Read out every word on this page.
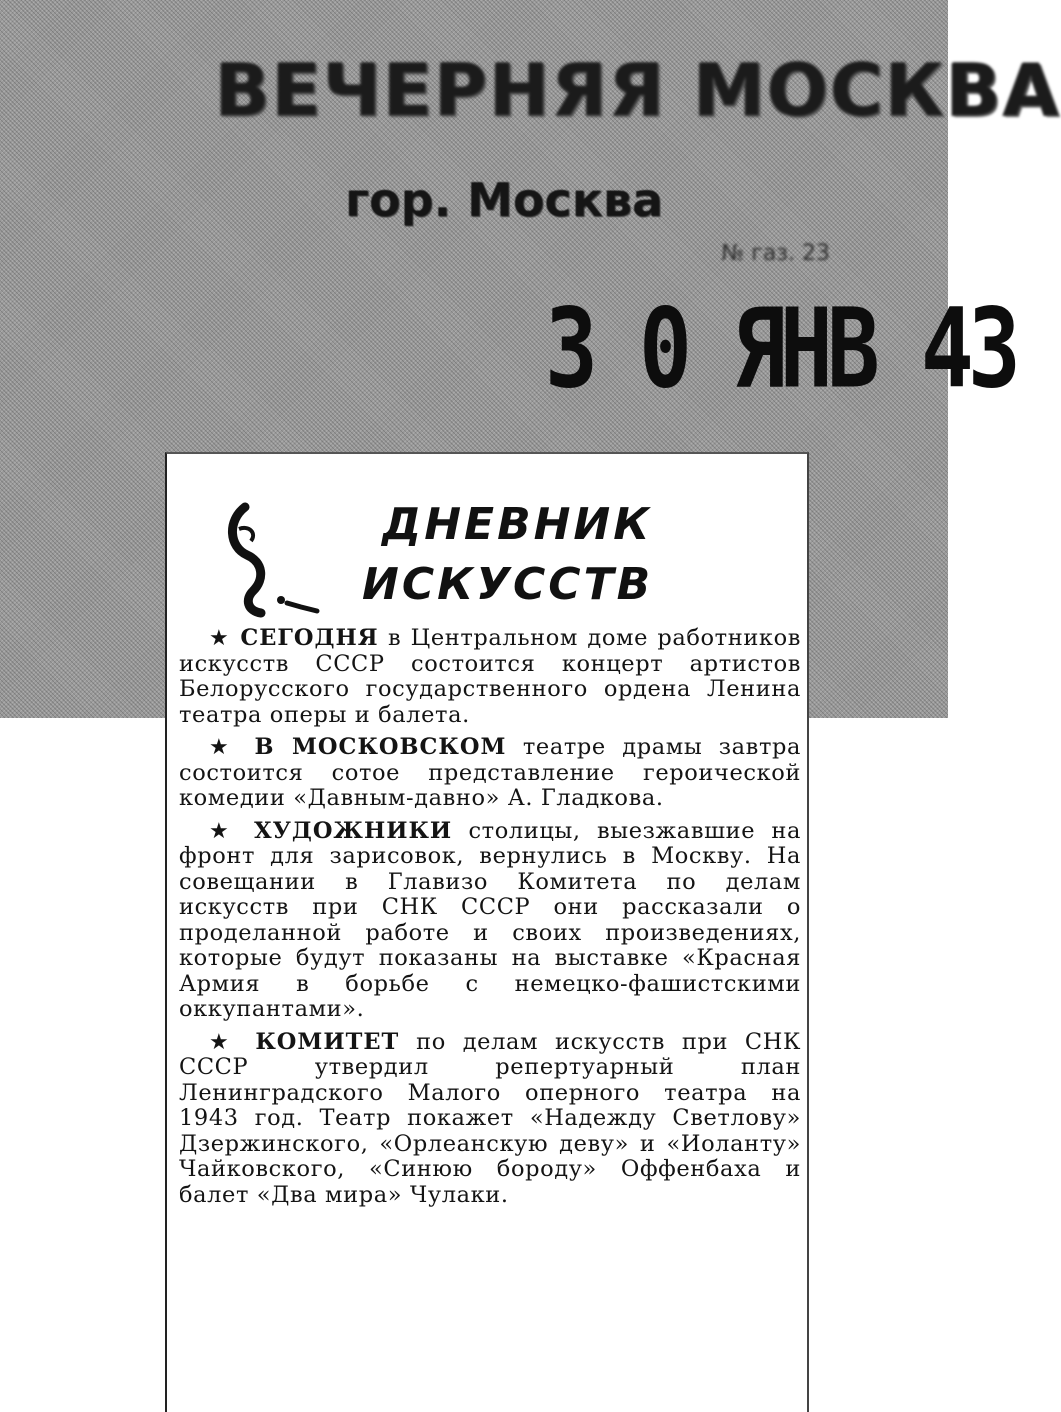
ВЕЧЕРНЯЯ МОСКВА
гор. Москва
№ газ. 23
3 0 ЯНВ 43
ДНЕВНИК
ИСКУССТВ

★ СЕГОДНЯ в Центральном доме работников искусств СССР состоится концерт артистов Белорусского государственного ордена Ленина театра оперы и балета.

★ В МОСКОВСКОМ театре драмы завтра состоится сотое представление героической комедии «Давным-давно» А. Гладкова.

★ ХУДОЖНИКИ столицы, выезжавшие на фронт для зарисовок, вернулись в Москву. На совещании в Главизо Комитета по делам искусств при СНК СССР они рассказали о проделанной работе и своих произведениях, которые будут показаны на выставке «Красная Армия в борьбе с немецко-фашистскими оккупантами».

★ КОМИТЕТ по делам искусств при СНК СССР утвердил репертуарный план Ленинградского Малого оперного театра на 1943 год. Театр покажет «Надежду Светлову» Дзержинского, «Орлеанскую деву» и «Иоланту» Чайковского, «Синюю бороду» Оффенбаха и балет «Два мира» Чулаки.
